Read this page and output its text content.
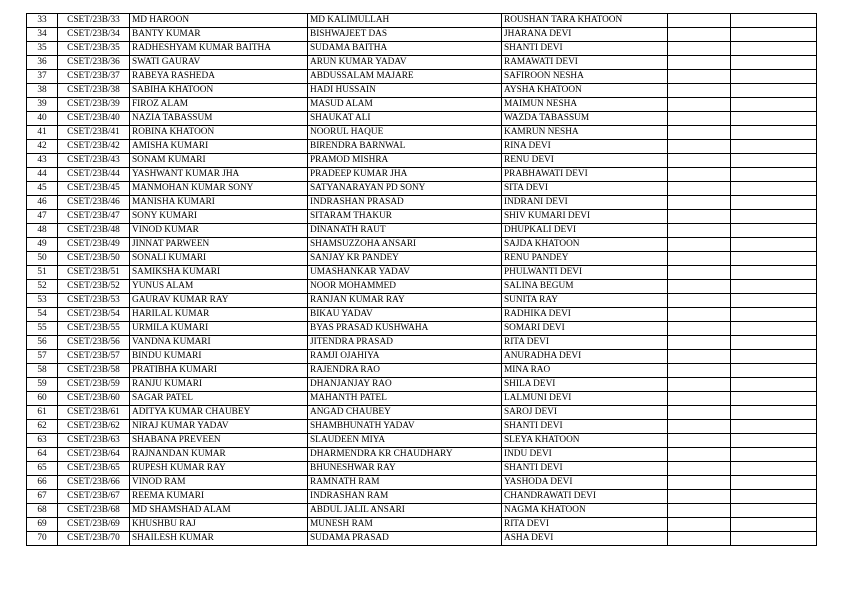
33	CSET/23B/33	MD HAROON	MD KALIMULLAH	ROUSHAN TARA KHATOON		
34	CSET/23B/34	BANTY KUMAR	BISHWAJEET DAS	JHARANA DEVI		
35	CSET/23B/35	RADHESHYAM KUMAR BAITHA	SUDAMA BAITHA	SHANTI DEVI		
36	CSET/23B/36	SWATI GAURAV	ARUN KUMAR YADAV	RAMAWATI DEVI		
37	CSET/23B/37	RABEYA RASHEDA	ABDUSSALAM MAJARE	SAFIROON NESHA		
38	CSET/23B/38	SABIHA KHATOON	HADI HUSSAIN	AYSHA KHATOON		
39	CSET/23B/39	FIROZ ALAM	MASUD ALAM	MAIMUN NESHA		
40	CSET/23B/40	NAZIA TABASSUM	SHAUKAT ALI	WAZDA TABASSUM		
41	CSET/23B/41	ROBINA KHATOON	NOORUL HAQUE	KAMRUN NESHA		
42	CSET/23B/42	AMISHA KUMARI	BIRENDRA BARNWAL	RINA DEVI		
43	CSET/23B/43	SONAM KUMARI	PRAMOD MISHRA	RENU DEVI		
44	CSET/23B/44	YASHWANT KUMAR JHA	PRADEEP KUMAR JHA	PRABHAWATI DEVI		
45	CSET/23B/45	MANMOHAN KUMAR SONY	SATYANARAYAN PD SONY	SITA DEVI		
46	CSET/23B/46	MANISHA KUMARI	INDRASHAN PRASAD	INDRANI DEVI		
47	CSET/23B/47	SONY KUMARI	SITARAM THAKUR	SHIV KUMARI DEVI		
48	CSET/23B/48	VINOD KUMAR	DINANATH RAUT	DHUPKALI DEVI		
49	CSET/23B/49	JINNAT PARWEEN	SHAMSUZZOHA ANSARI	SAJDA KHATOON		
50	CSET/23B/50	SONALI KUMARI	SANJAY KR PANDEY	RENU PANDEY		
51	CSET/23B/51	SAMIKSHA KUMARI	UMASHANKAR YADAV	PHULWANTI DEVI		
52	CSET/23B/52	YUNUS ALAM	NOOR MOHAMMED	SALINA BEGUM		
53	CSET/23B/53	GAURAV KUMAR RAY	RANJAN KUMAR RAY	SUNITA RAY		
54	CSET/23B/54	HARILAL KUMAR	BIKAU YADAV	RADHIKA DEVI		
55	CSET/23B/55	URMILA KUMARI	BYAS PRASAD KUSHWAHA	SOMARI DEVI		
56	CSET/23B/56	VANDNA KUMARI	JITENDRA PRASAD	RITA DEVI		
57	CSET/23B/57	BINDU KUMARI	RAMJI OJAHIYA	ANURADHA DEVI		
58	CSET/23B/58	PRATIBHA KUMARI	RAJENDRA RAO	MINA RAO		
59	CSET/23B/59	RANJU KUMARI	DHANJANJAY RAO	SHILA DEVI		
60	CSET/23B/60	SAGAR PATEL	MAHANTH PATEL	LALMUNI DEVI		
61	CSET/23B/61	ADITYA KUMAR CHAUBEY	ANGAD CHAUBEY	SAROJ DEVI		
62	CSET/23B/62	NIRAJ KUMAR YADAV	SHAMBHUNATH YADAV	SHANTI DEVI		
63	CSET/23B/63	SHABANA PREVEEN	SLAUDEEN MIYA	SLEYA KHATOON		
64	CSET/23B/64	RAJNANDAN KUMAR	DHARMENDRA KR CHAUDHARY	INDU DEVI		
65	CSET/23B/65	RUPESH KUMAR RAY	BHUNESHWAR RAY	SHANTI DEVI		
66	CSET/23B/66	VINOD RAM	RAMNATH RAM	YASHODA DEVI		
67	CSET/23B/67	REEMA KUMARI	INDRASHAN RAM	CHANDRAWATI DEVI		
68	CSET/23B/68	MD SHAMSHAD ALAM	ABDUL JALIL ANSARI	NAGMA KHATOON		
69	CSET/23B/69	KHUSHBU RAJ	MUNESH RAM	RITA DEVI		
70	CSET/23B/70	SHAILESH KUMAR	SUDAMA PRASAD	ASHA DEVI		
